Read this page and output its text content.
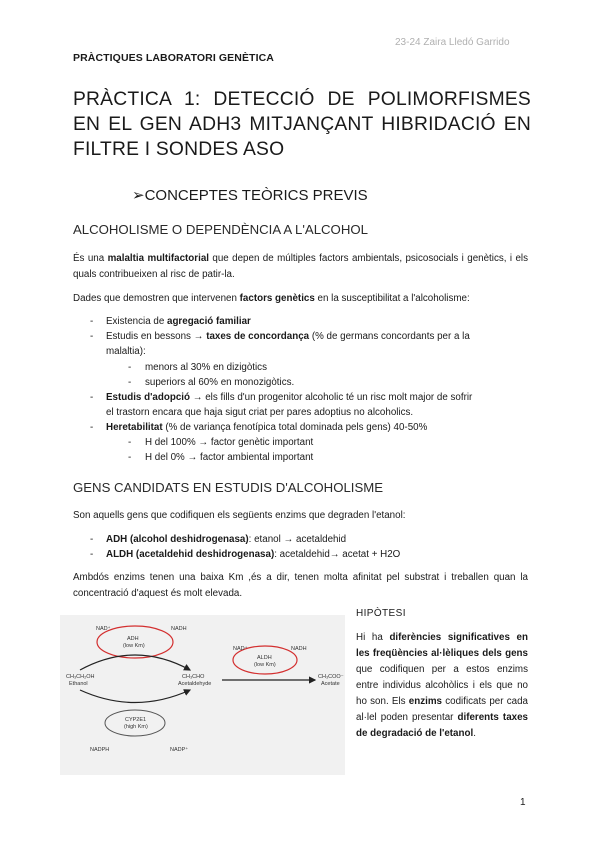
23-24 Zaira Lledó Garrido
PRÀCTIQUES LABORATORI GENÈTICA
PRÀCTICA 1: DETECCIÓ DE POLIMORFISMES EN EL GEN ADH3 MITJANÇANT HIBRIDACIÓ EN FILTRE I SONDES ASO
➢CONCEPTES TEÒRICS PREVIS
ALCOHOLISME O DEPENDÈNCIA A L'ALCOHOL
És una malaltia multifactorial que depen de múltiples factors ambientals, psicosocials i genètics, i els quals contribueixen al risc de patir-la.
Dades que demostren que intervenen factors genètics en la susceptibilitat a l'alcoholisme:
- Existencia de agregació familiar
- Estudis en bessons → taxes de concordança (% de germans concordants per a la
malaltia):
- menors al 30% en dizigòtics
- superiors al 60% en monozigòtics.
- Estudis d'adopció → els fills d'un progenitor alcoholic té un risc molt major de sofrir
el trastorn encara que haja sigut criat per pares adoptius no alcoholics.
- Heretabilitat (% de variança fenotípica total dominada pels gens) 40-50%
- H del 100% → factor genètic important
- H del 0% → factor ambiental important
GENS CANDIDATS EN ESTUDIS D'ALCOHOLISME
Son aquells gens que codifiquen els següents enzims que degraden l'etanol:
- ADH (alcohol deshidrogenasa): etanol → acetaldehid
- ALDH (acetaldehid deshidrogenasa): acetaldehid→ acetat + H2O
Ambdós enzims tenen una baixa Km ,és a dir, tenen molta afinitat pel substrat i treballen quan la concentració d'aquest és molt elevada.
NAD⁺	NADH
ADH
(low Km)
CH₃CH₂OH
Ethanol
CH₃CHO
Acetaldehyde
NAD⁺	NADH
ALDH
(low Km)
CH₃COO⁻
Acetate
CYP2E1
(high Km)
NADPH	NADP⁺
HIPÒTESI
Hi ha diferències significatives en les freqüències al·lèliques dels gens que codifiquen per a estos enzims entre individus alcohòlics i els que no ho son. Els enzims codificats per cada al·lel poden presentar diferents taxes de degradació de l'etanol.
1
